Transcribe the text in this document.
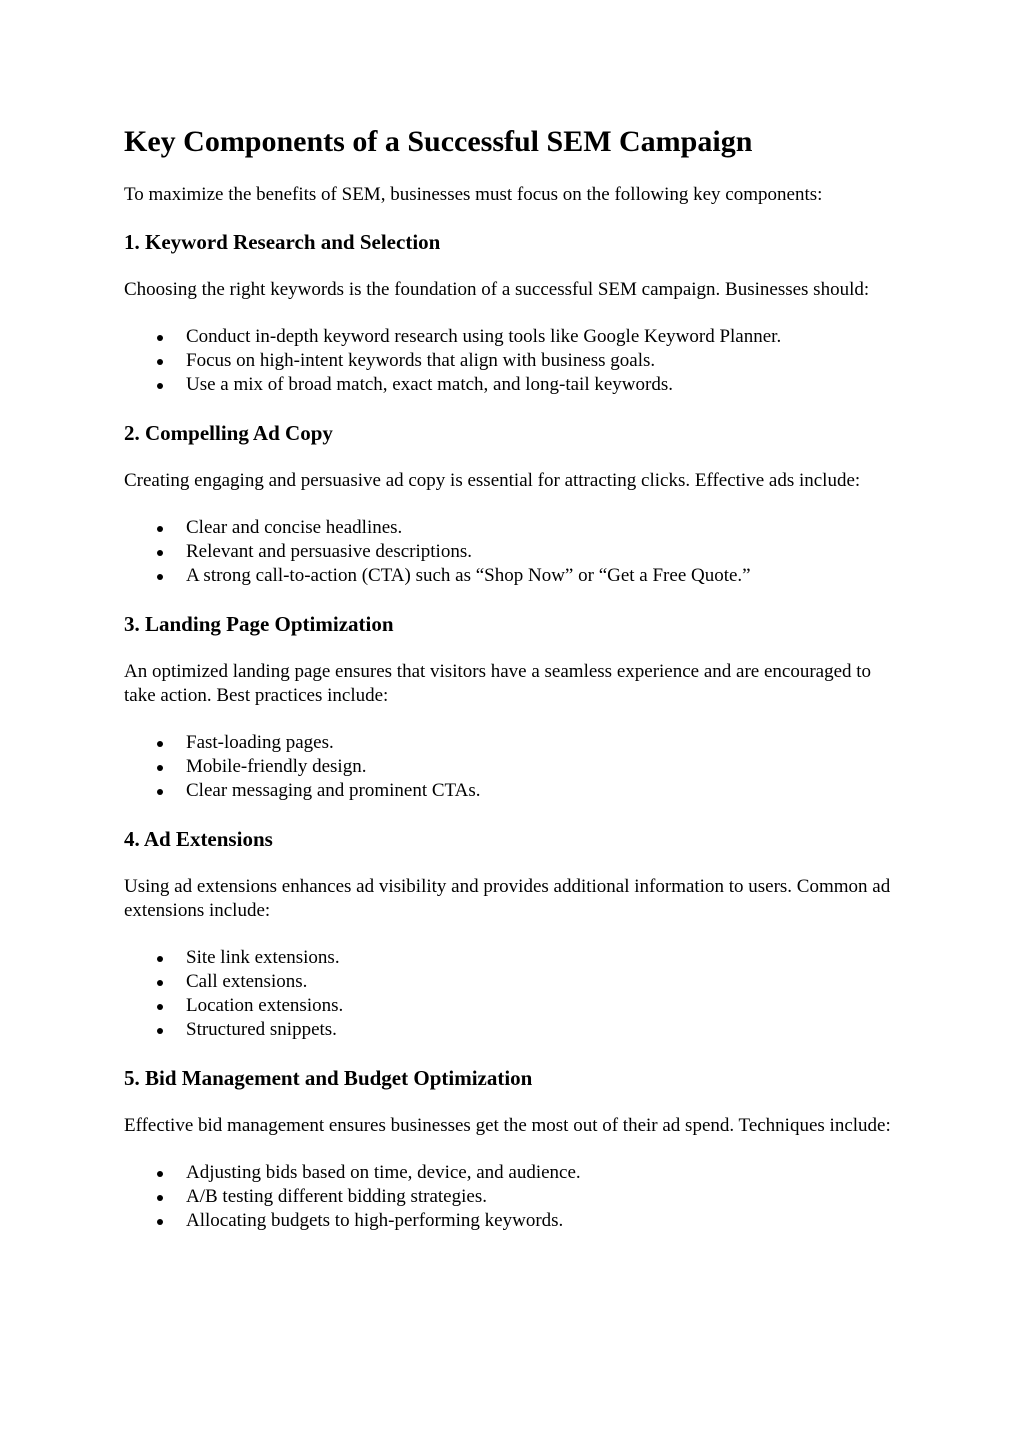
Key Components of a Successful SEM Campaign

To maximize the benefits of SEM, businesses must focus on the following key components:

1. Keyword Research and Selection

Choosing the right keywords is the foundation of a successful SEM campaign. Businesses should:

Conduct in-depth keyword research using tools like Google Keyword Planner.
Focus on high-intent keywords that align with business goals.
Use a mix of broad match, exact match, and long-tail keywords.
2. Compelling Ad Copy

Creating engaging and persuasive ad copy is essential for attracting clicks. Effective ads include:

Clear and concise headlines.
Relevant and persuasive descriptions.
A strong call-to-action (CTA) such as “Shop Now” or “Get a Free Quote.”
3. Landing Page Optimization

An optimized landing page ensures that visitors have a seamless experience and are encouraged to take action. Best practices include:

Fast-loading pages.
Mobile-friendly design.
Clear messaging and prominent CTAs.
4. Ad Extensions

Using ad extensions enhances ad visibility and provides additional information to users. Common ad extensions include:

Site link extensions.
Call extensions.
Location extensions.
Structured snippets.
5. Bid Management and Budget Optimization

Effective bid management ensures businesses get the most out of their ad spend. Techniques include:

Adjusting bids based on time, device, and audience.
A/B testing different bidding strategies.
Allocating budgets to high-performing keywords.
